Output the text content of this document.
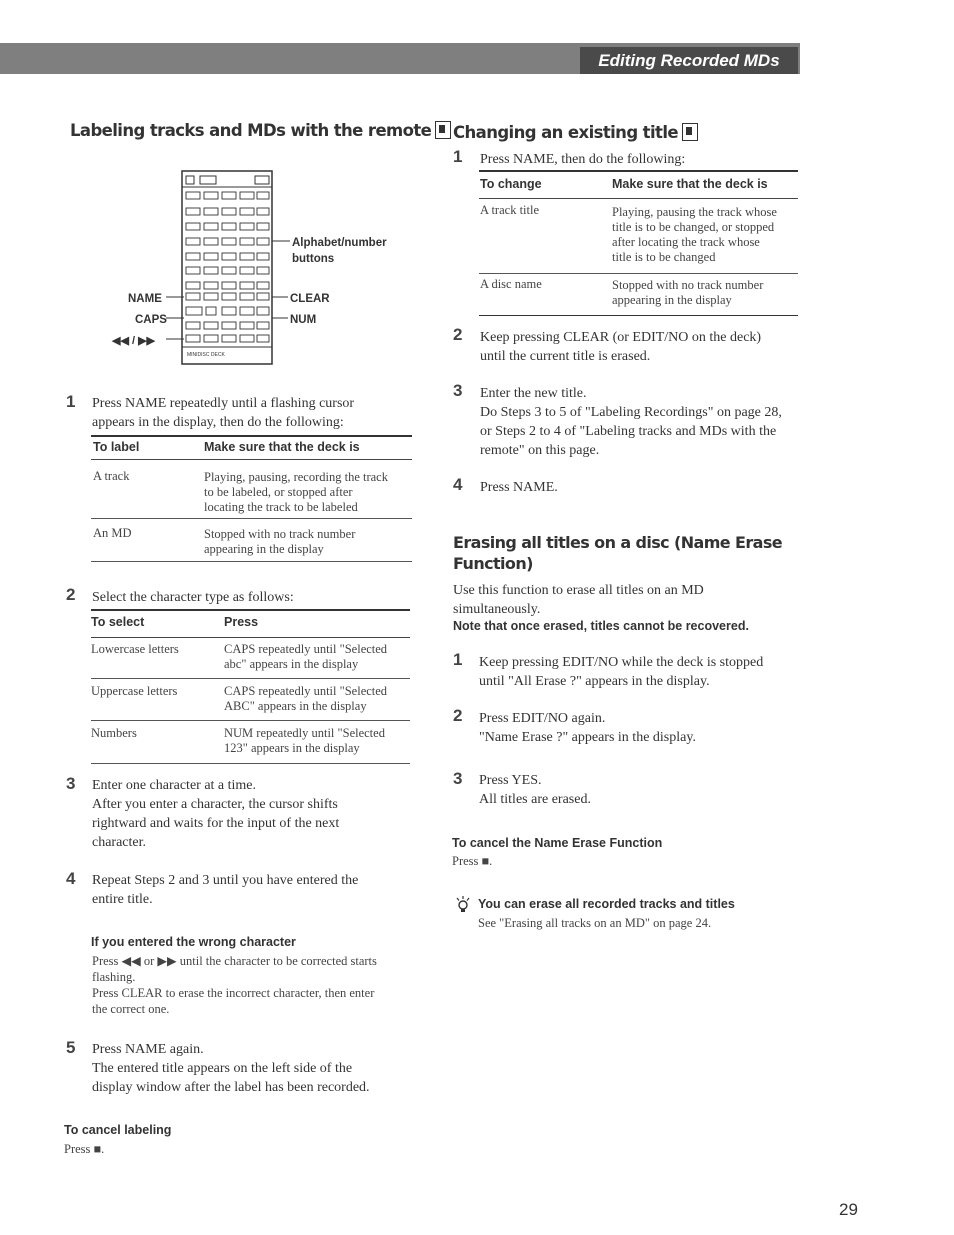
Editing Recorded MDs
Labeling tracks and MDs with the remote
MINIDISC DECK
Alphabet/number
buttons
NAME
CAPS
◀◀ / ▶▶
CLEAR
NUM
1 Press NAME repeatedly until a flashing cursor
appears in the display, then do the following:
To label	Make sure that the deck is
A track	Playing, pausing, recording the track
to be labeled, or stopped after
locating the track to be labeled
An MD	Stopped with no track number
appearing in the display
2 Select the character type as follows:
To select	Press
Lowercase letters	CAPS repeatedly until "Selected
abc" appears in the display
Uppercase letters	CAPS repeatedly until "Selected
ABC" appears in the display
Numbers	NUM repeatedly until "Selected
123" appears in the display
3 Enter one character at a time.
After you enter a character, the cursor shifts
rightward and waits for the input of the next
character.
4 Repeat Steps 2 and 3 until you have entered the
entire title.
If you entered the wrong character
Press ◀◀ or ▶▶ until the character to be corrected starts
flashing.
Press CLEAR to erase the incorrect character, then enter
the correct one.
5 Press NAME again.
The entered title appears on the left side of the
display window after the label has been recorded.
To cancel labeling
Press ■.
Changing an existing title
1 Press NAME, then do the following:
To change	Make sure that the deck is
A track title	Playing, pausing the track whose
title is to be changed, or stopped
after locating the track whose
title is to be changed
A disc name	Stopped with no track number
appearing in the display
2 Keep pressing CLEAR (or EDIT/NO on the deck)
until the current title is erased.
3 Enter the new title.
Do Steps 3 to 5 of "Labeling Recordings" on page 28,
or Steps 2 to 4 of "Labeling tracks and MDs with the
remote" on this page.
4 Press NAME.
Erasing all titles on a disc (Name Erase
Function)
Use this function to erase all titles on an MD
simultaneously.
Note that once erased, titles cannot be recovered.
1 Keep pressing EDIT/NO while the deck is stopped
until "All Erase ?" appears in the display.
2 Press EDIT/NO again.
"Name Erase ?" appears in the display.
3 Press YES.
All titles are erased.
To cancel the Name Erase Function
Press ■.
You can erase all recorded tracks and titles
See "Erasing all tracks on an MD" on page 24.
29
